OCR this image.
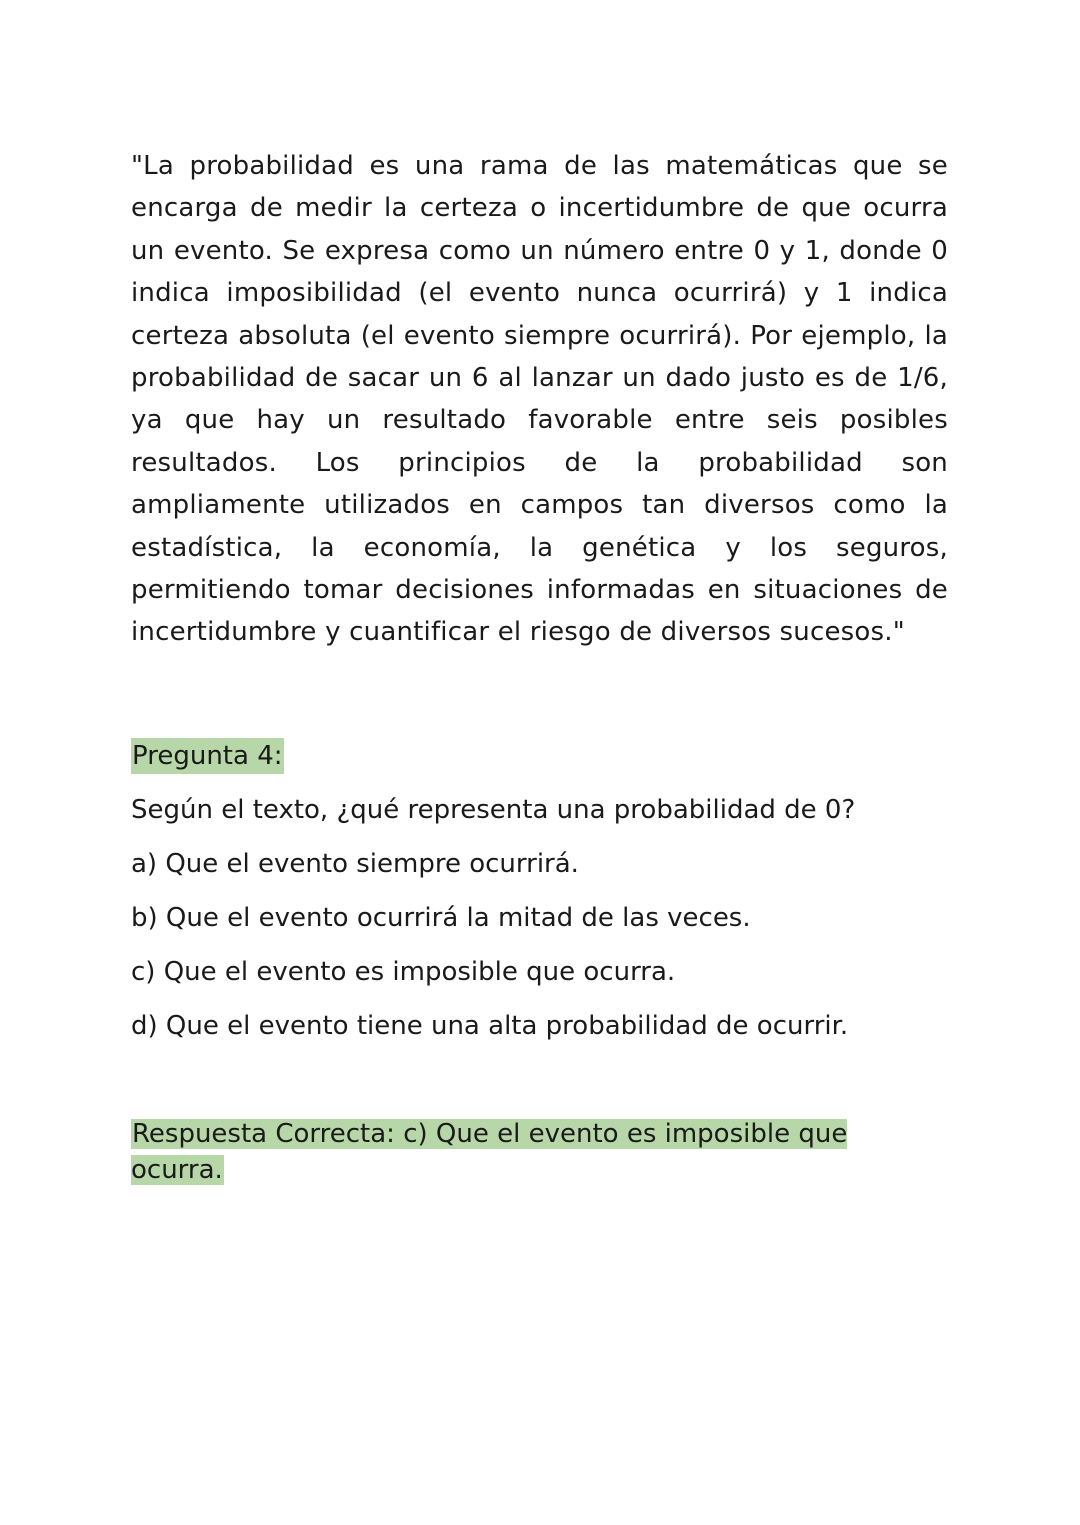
"La probabilidad es una rama de las matemáticas que se encarga de medir la certeza o incertidumbre de que ocurra un evento. Se expresa como un número entre 0 y 1, donde 0 indica imposibilidad (el evento nunca ocurrirá) y 1 indica certeza absoluta (el evento siempre ocurrirá). Por ejemplo, la probabilidad de sacar un 6 al lanzar un dado justo es de 1/6, ya que hay un resultado favorable entre seis posibles resultados. Los principios de la probabilidad son ampliamente utilizados en campos tan diversos como la estadística, la economía, la genética y los seguros, permitiendo tomar decisiones informadas en situaciones de incertidumbre y cuantificar el riesgo de diversos sucesos."

Pregunta 4:

Según el texto, ¿qué representa una probabilidad de 0?

a) Que el evento siempre ocurrirá.
b) Que el evento ocurrirá la mitad de las veces.
c) Que el evento es imposible que ocurra.
d) Que el evento tiene una alta probabilidad de ocurrir.
Respuesta Correcta: c) Que el evento es imposible que ocurra.
